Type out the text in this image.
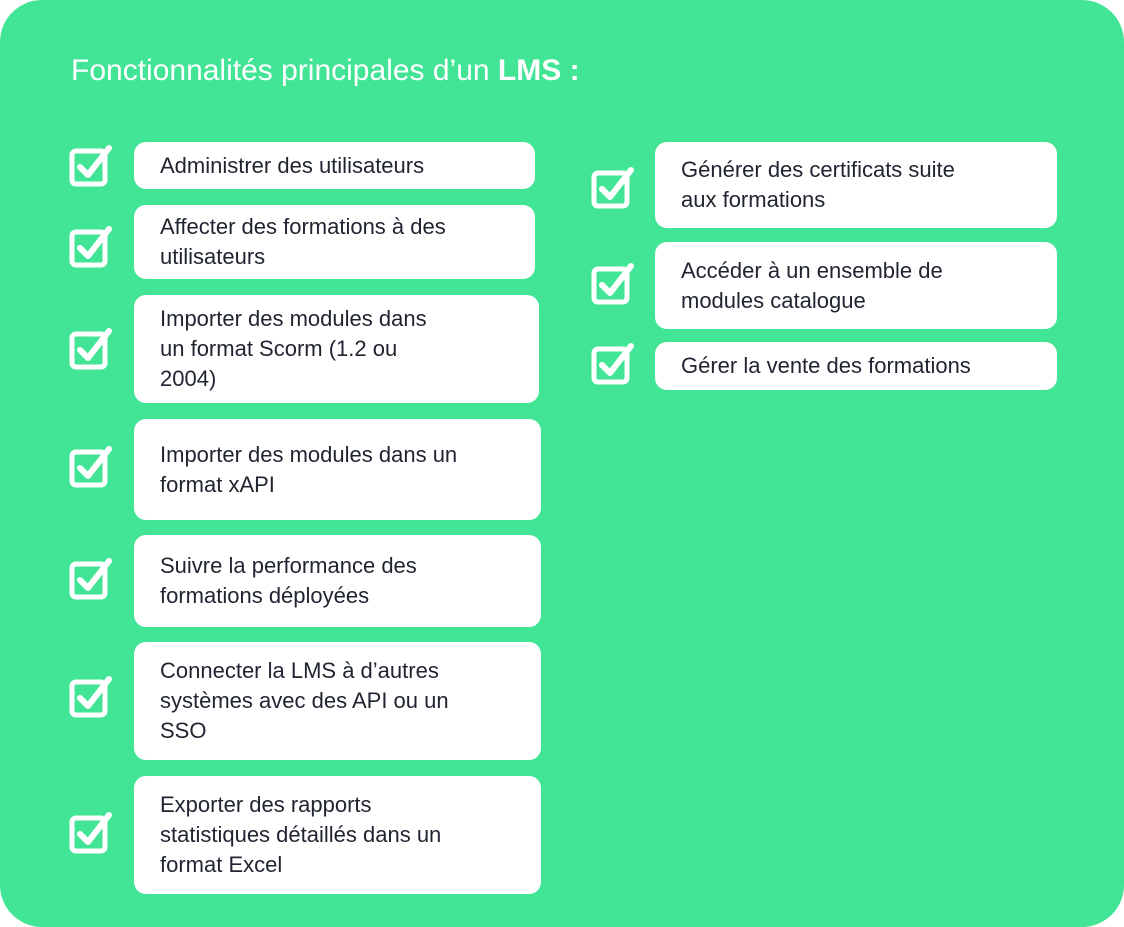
Fonctionnalités principales d’un LMS :
Administrer des utilisateurs
Affecter des formations à des
utilisateurs
Importer des modules dans
un format Scorm (1.2 ou
2004)
Importer des modules dans un
format xAPI
Suivre la performance des
formations déployées
Connecter la LMS à d’autres
systèmes avec des API ou un
SSO
Exporter des rapports
statistiques détaillés dans un
format Excel
Générer des certificats suite
aux formations
Accéder à un ensemble de
modules catalogue
Gérer la vente des formations
